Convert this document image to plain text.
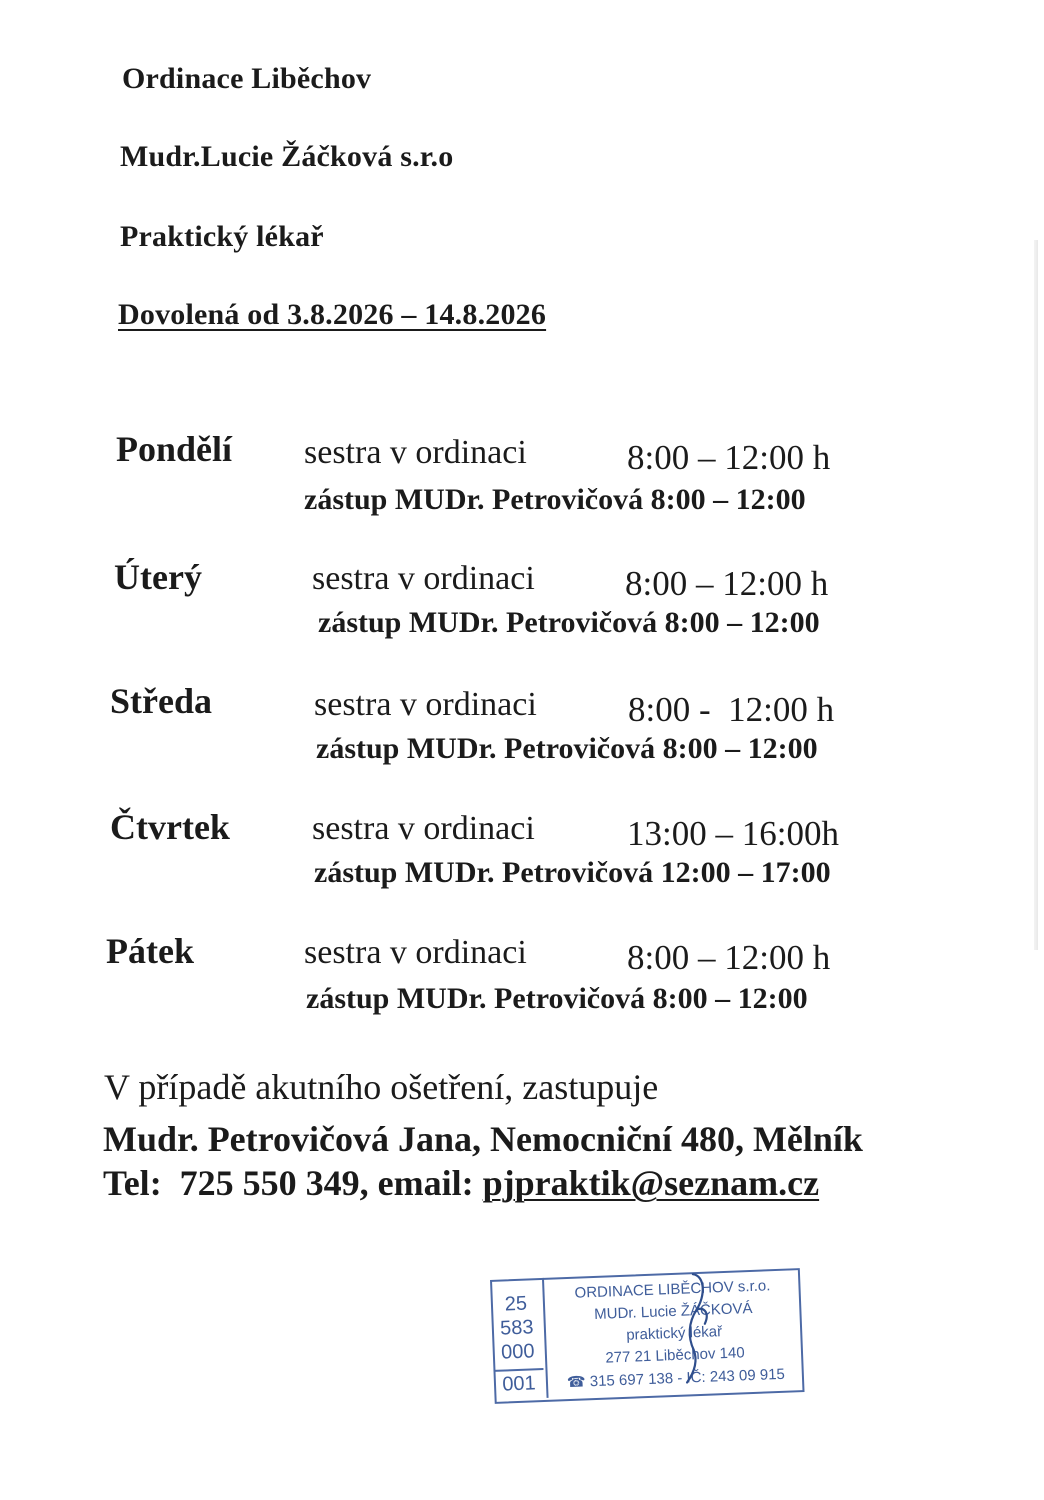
Ordinace Liběchov
Mudr.Lucie Žáčková s.r.o
Praktický lékař
Dovolená od 3.8.2026 – 14.8.2026
Pondělí sestra v ordinaci	8:00 – 12:00 h
zástup MUDr. Petrovičová 8:00 – 12:00
Úterý	sestra v ordinaci	8:00 – 12:00 h
zástup MUDr. Petrovičová 8:00 – 12:00
Středa	sestra v ordinaci	8:00 -  12:00 h
zástup MUDr. Petrovičová 8:00 – 12:00
Čtvrtek sestra v ordinaci	13:00 – 16:00h
zástup MUDr. Petrovičová 12:00 – 17:00
Pátek	sestra v ordinaci	8:00 – 12:00 h
zástup MUDr. Petrovičová 8:00 – 12:00
V případě akutního ošetření, zastupuje
Mudr. Petrovičová Jana, Nemocniční 480, Mělník
Tel:  725 550 349, email: pjpraktik@seznam.cz
25
583
000
001
ORDINACE LIBĚCHOV s.r.o.
MUDr. Lucie ŽÁČKOVÁ
praktický lékař
277 21 Liběchov 140
☎ 315 697 138 - IČ: 243 09 915
